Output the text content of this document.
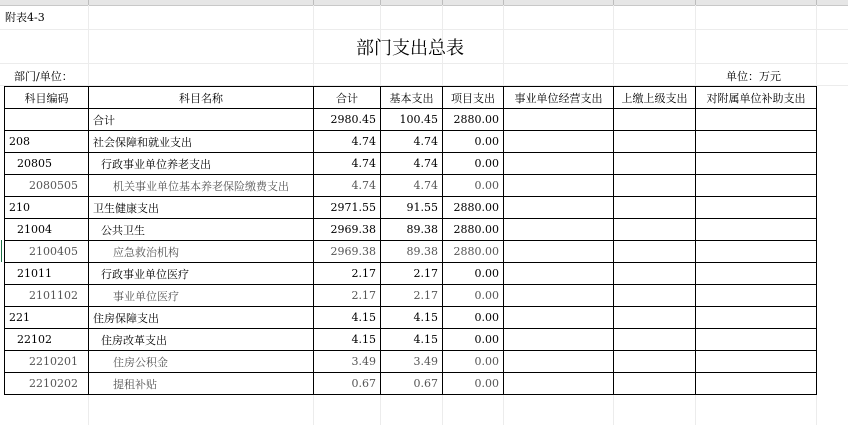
附表4-3
部门支出总表
部门/单位：	单位：万元
科目编码	科目名称	合计	基本支出	项目支出	事业单位经营支出	上缴上级支出	对附属单位补助支出
	合计	2980.45	100.45	2880.00			
208	社会保障和就业支出	4.74	4.74	0.00			
20805	行政事业单位养老支出	4.74	4.74	0.00			
2080505	机关事业单位基本养老保险缴费支出	4.74	4.74	0.00			
210	卫生健康支出	2971.55	91.55	2880.00			
21004	公共卫生	2969.38	89.38	2880.00			
2100405	应急救治机构	2969.38	89.38	2880.00			
21011	行政事业单位医疗	2.17	2.17	0.00			
2101102	事业单位医疗	2.17	2.17	0.00			
221	住房保障支出	4.15	4.15	0.00			
22102	住房改革支出	4.15	4.15	0.00			
2210201	住房公积金	3.49	3.49	0.00			
2210202	提租补贴	0.67	0.67	0.00			
